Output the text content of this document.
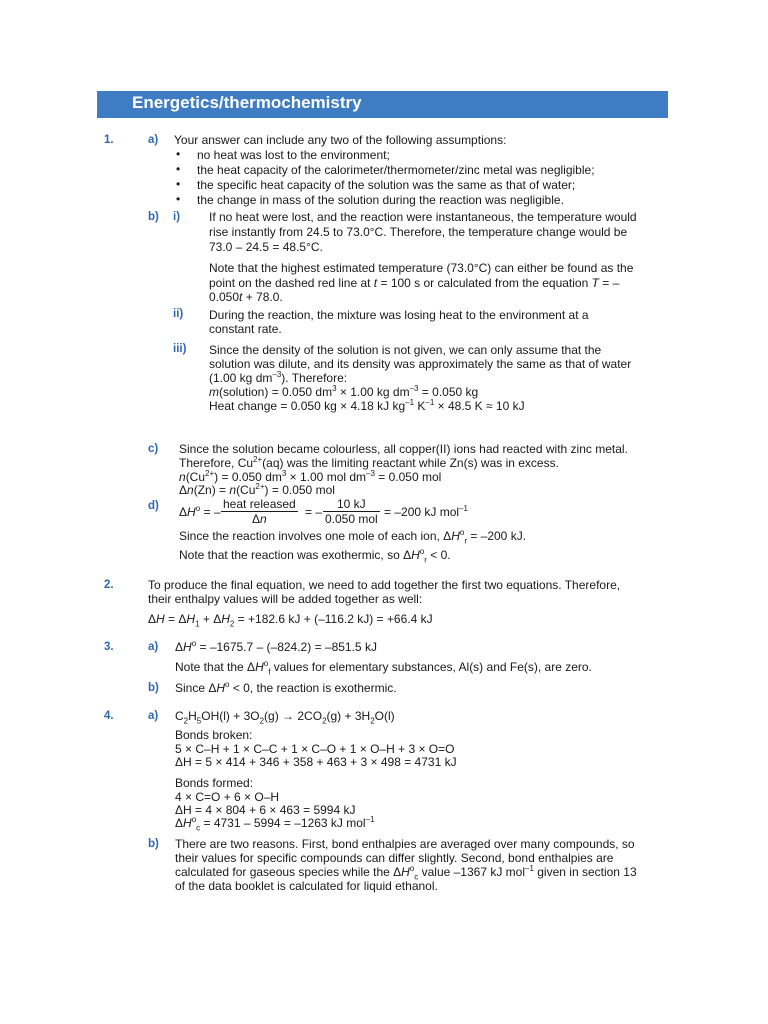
Energetics/thermochemistry
1.	a) Your answer can include any two of the following assumptions:
• no heat was lost to the environment;
• the heat capacity of the calorimeter/thermometer/zinc metal was negligible;
• the specific heat capacity of the solution was the same as that of water;
• the change in mass of the solution during the reaction was negligible.
b) i) If no heat were lost, and the reaction were instantaneous, the temperature would
rise instantly from 24.5 to 73.0°C. Therefore, the temperature change would be
73.0 – 24.5 = 48.5°C.
Note that the highest estimated temperature (73.0°C) can either be found as the
point on the dashed red line at t = 100 s or calculated from the equation T = –
0.050t + 78.0.
ii) During the reaction, the mixture was losing heat to the environment at a
constant rate.
iii) Since the density of the solution is not given, we can only assume that the
solution was dilute, and its density was approximately the same as that of water
(1.00 kg $dm^{-3}$). Therefore:
m(solution) = 0.050 $dm^3 \times 1.00$ kg $dm^{-3} = 0.050$ kg
Heat change = 0.050 kg × 4.18 kJ $kg^{-1}$ $K^{-1} \times 48.5$ K ≈ 10 kJ
c) Since the solution became colourless, all copper(II) ions had reacted with zinc metal.
Therefore, $Cu^{2+}(aq)$ was the limiting reactant while Zn(s) was in excess.
$n(Cu^{2+}) = 0.050$ $dm^3 \times 1.00$ mol $dm^{-3} = 0.050$ mol
$\Delta n(Zn) = n(Cu^{2+}) = 0.050$ mol
d) $\Delta H^o$ = –
heat released
Δn
= –
10 kJ
0.050 mol
= –200 kJ mol$^{-1}$
Since the reaction involves one mole of each ion, $\Delta H^o_r = -200$ kJ.
Note that the reaction was exothermic, so $\Delta H^o_r < 0$.
2.	To produce the final equation, we need to add together the first two equations. Therefore,
their enthalpy values will be added together as well:
$\Delta H = \Delta H_1 + \Delta H_2 = +182.6$ kJ + (–116.2 kJ) = +66.4 kJ
3.	a) $\Delta H^o = -1675.7 - (-824.2) = -851.5$ kJ
Note that the $\Delta H^o_f$ values for elementary substances, Al(s) and Fe(s), are zero.
b) Since $\Delta H^o < 0$, the reaction is exothermic.
4.	a) $C_2H_5OH(l) + 3O_2(g) \to 2CO_2(g) + 3H_2O(l)$
Bonds broken:
5 × C–H + 1 × C–C + 1 × C–O + 1 × O–H + 3 × O=O
ΔH = 5 × 414 + 346 + 358 + 463 + 3 × 498 = 4731 kJ
Bonds formed:
4 × C=O + 6 × O–H
ΔH = 4 × 804 + 6 × 463 = 5994 kJ
$\Delta H^o_c = 4731 - 5994 = -1263$ kJ mol$^{-1}$
b) There are two reasons. First, bond enthalpies are averaged over many compounds, so
their values for specific compounds can differ slightly. Second, bond enthalpies are
calculated for gaseous species while the $\Delta H^o_c$ value –1367 kJ mol$^{-1}$ given in section 13
of the data booklet is calculated for liquid ethanol.
